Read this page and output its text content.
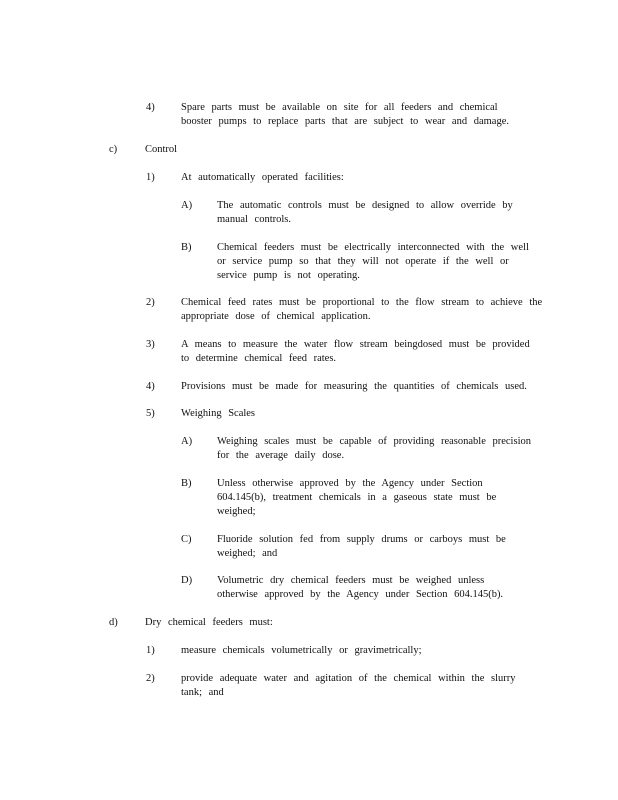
4)	Spare parts must be available on site for all feeders and chemical booster pumps to replace parts that are subject to wear and damage.
c)	Control
1)	At automatically operated facilities:
A) The automatic controls must be designed to allow override by manual controls.
B) Chemical feeders must be electrically interconnected with the well or service pump so that they will not operate if the well or service pump is not operating.
2)	Chemical feed rates must be proportional to the flow stream to achieve the appropriate dose of chemical application.
3)	A means to measure the water flow stream beingdosed must be provided to determine chemical feed rates.
4)	Provisions must be made for measuring the quantities of chemicals used.
5)	Weighing Scales
A) Weighing scales must be capable of providing reasonable precision for the average daily dose.
B) Unless otherwise approved by the Agency under Section 604.145(b), treatment chemicals in a gaseous state must be weighed;
C) Fluoride solution fed from supply drums or carboys must be weighed; and
D) Volumetric dry chemical feeders must be weighed unless otherwise approved by the Agency under Section 604.145(b).
d)	Dry chemical feeders must:
1)	measure chemicals volumetrically or gravimetrically;
2)	provide adequate water and agitation of the chemical within the slurry tank; and
